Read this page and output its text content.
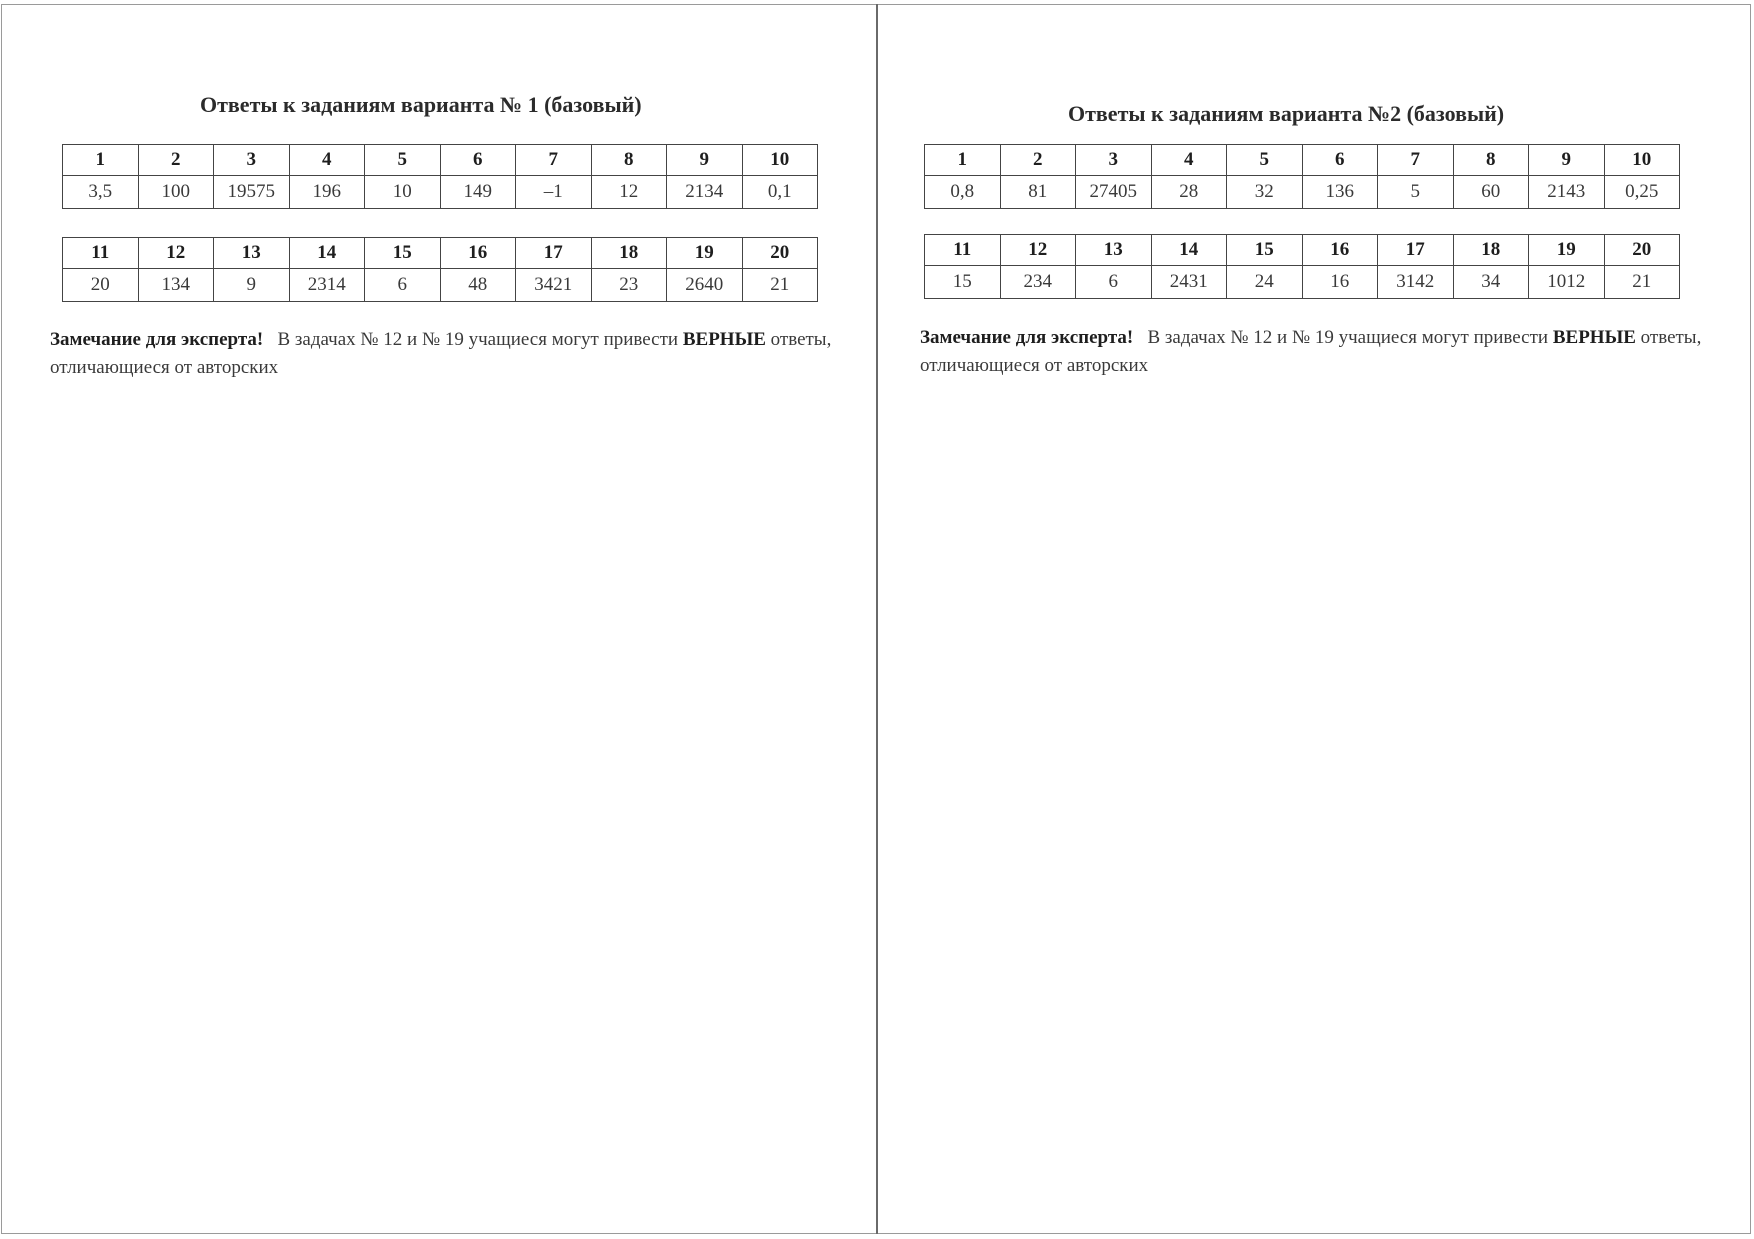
Ответы к заданиям варианта № 1 (базовый)
1	2	3	4	5	6	7	8	9	10
3,5	100	19575	196	10	149	–1	12	2134	0,1
11	12	13	14	15	16	17	18	19	20
20	134	9	2314	6	48	3421	23	2640	21

Замечание для эксперта! В задачах № 12 и № 19 учащиеся могут привести ВЕРНЫЕ ответы, отличающиеся от авторских

Ответы к заданиям варианта №2 (базовый)
1	2	3	4	5	6	7	8	9	10
0,8	81	27405	28	32	136	5	60	2143	0,25
11	12	13	14	15	16	17	18	19	20
15	234	6	2431	24	16	3142	34	1012	21

Замечание для эксперта! В задачах № 12 и № 19 учащиеся могут привести ВЕРНЫЕ ответы, отличающиеся от авторских
